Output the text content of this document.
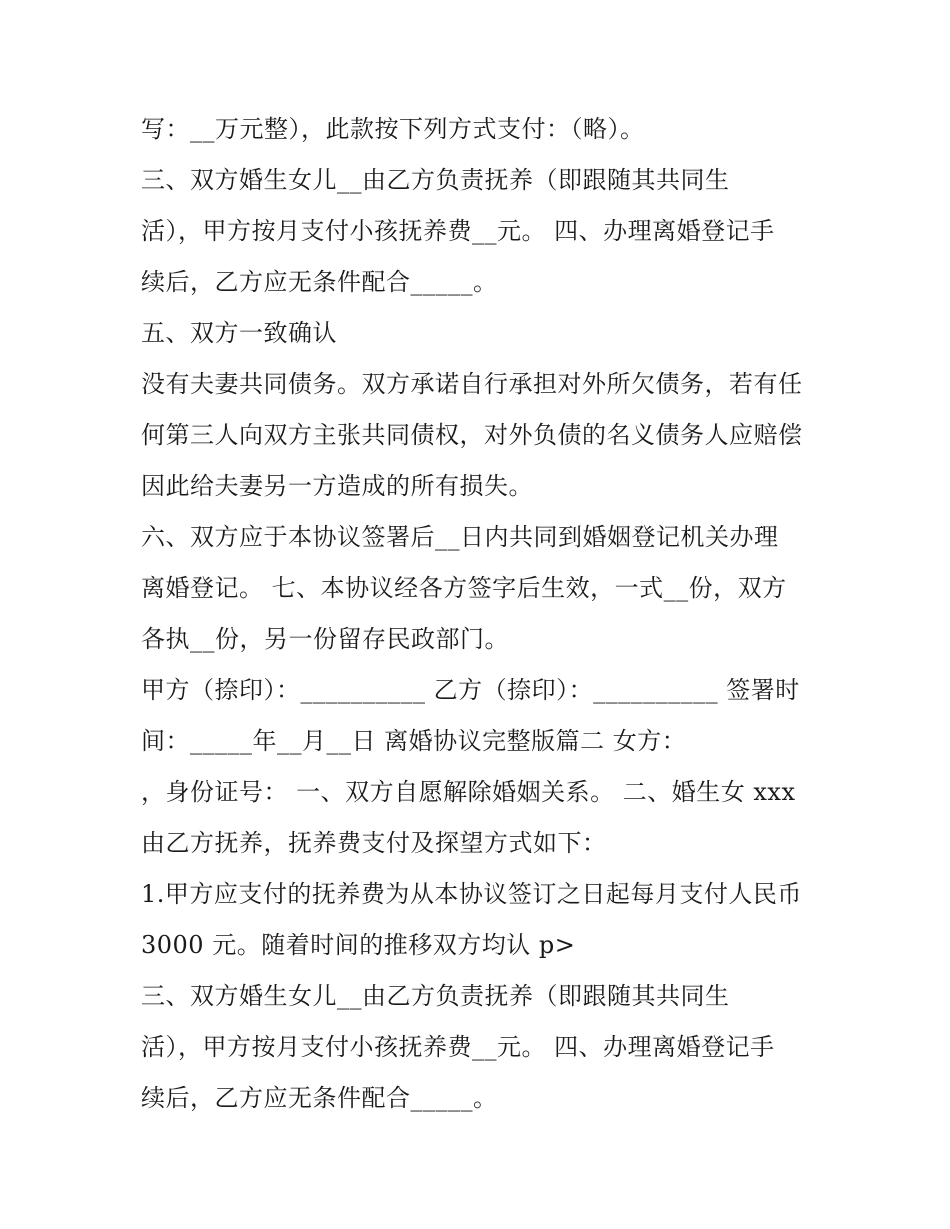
写：__万元整），此款按下列方式支付：（略）。
三、双方婚生女儿__由乙方负责抚养（即跟随其共同生
活），甲方按月支付小孩抚养费__元。 四、办理离婚登记手
续后，乙方应无条件配合_____。
五、双方一致确认
没有夫妻共同债务。双方承诺自行承担对外所欠债务，若有任
何第三人向双方主张共同债权，对外负债的名义债务人应赔偿
因此给夫妻另一方造成的所有损失。
六、双方应于本协议签署后__日内共同到婚姻登记机关办理
离婚登记。 七、本协议经各方签字后生效，一式__份，双方
各执__份，另一份留存民政部门。
甲方（捺印）：__________ 乙方（捺印）：__________ 签署时
间：_____年__月__日 离婚协议完整版篇二 女方：
，身份证号： 一、双方自愿解除婚姻关系。 二、婚生女 xxx
由乙方抚养，抚养费支付及探望方式如下：
1.甲方应支付的抚养费为从本协议签订之日起每月支付人民币
3000 元。随着时间的推移双方均认 p>
三、双方婚生女儿__由乙方负责抚养（即跟随其共同生
活），甲方按月支付小孩抚养费__元。 四、办理离婚登记手
续后，乙方应无条件配合_____。
